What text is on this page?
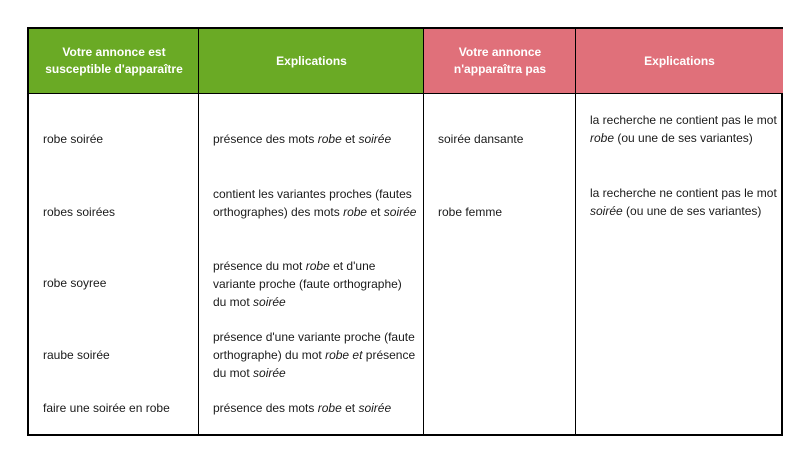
Votre annonce est susceptible d'apparaître
robe soirée
robes soirées
robe soyree
raube soirée
faire une soirée en robe
Explications
présence des mots robe et soirée
contient les variantes proches (fautes orthographes) des mots robe et soirée
présence du mot robe et d'une variante proche (faute orthographe) du mot soirée
présence d'une variante proche (faute orthographe) du mot robe et présence du mot soirée
présence des mots robe et soirée
Votre annonce n'apparaîtra pas
soirée dansante
robe femme
Explications
la recherche ne contient pas le mot robe (ou une de ses variantes)
la recherche ne contient pas le mot soirée (ou une de ses variantes)
